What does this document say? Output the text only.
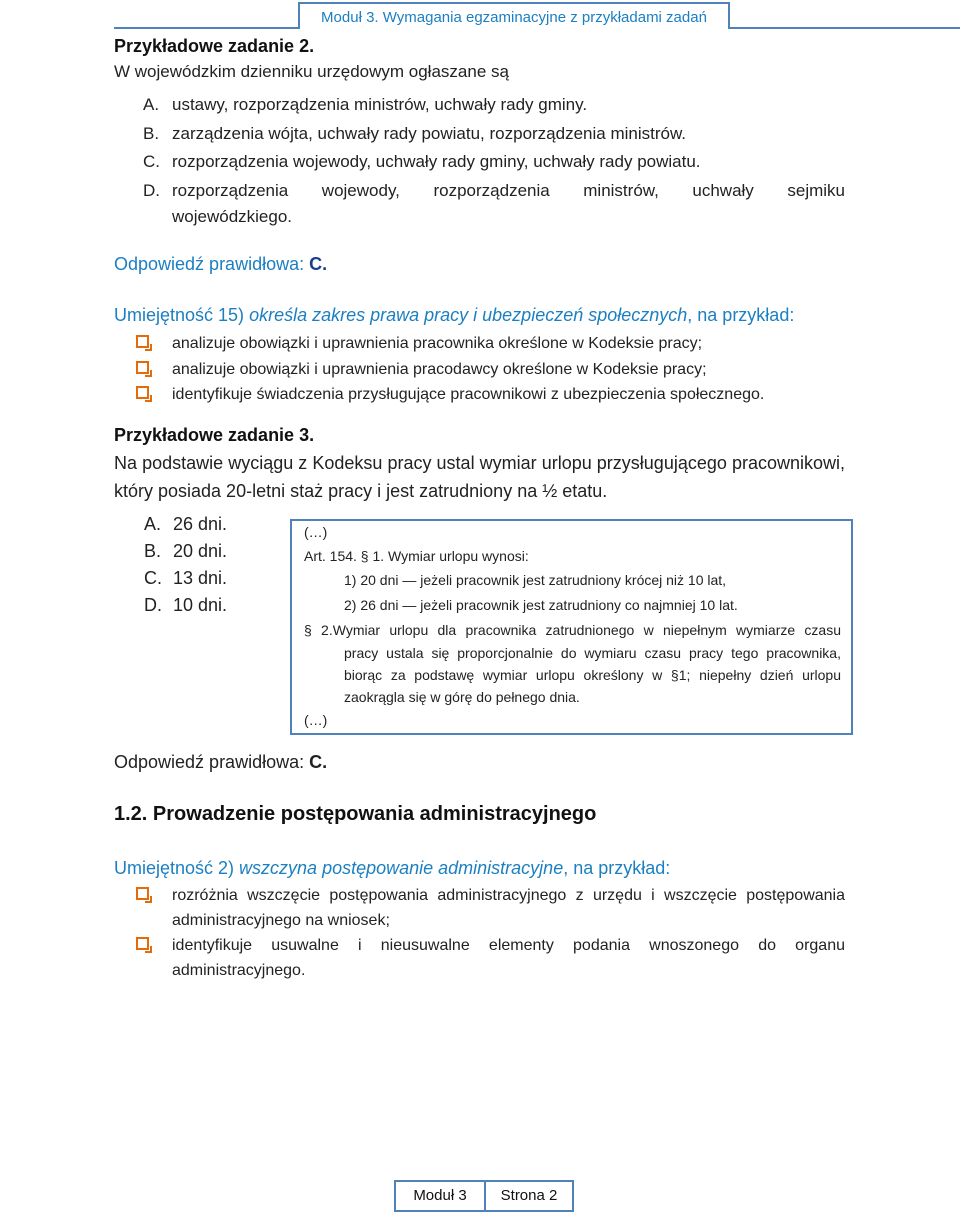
Moduł 3. Wymagania egzaminacyjne z przykładami zadań
Przykładowe zadanie 2.
W wojewódzkim dzienniku urzędowym ogłaszane są
A. ustawy, rozporządzenia ministrów, uchwały rady gminy.
B. zarządzenia wójta, uchwały rady powiatu, rozporządzenia ministrów.
C. rozporządzenia wojewody, uchwały rady gminy, uchwały rady powiatu.
D. rozporządzenia wojewody, rozporządzenia ministrów, uchwały sejmiku
wojewódzkiego.
Odpowiedź prawidłowa: C.
Umiejętność 15) określa zakres prawa pracy i ubezpieczeń społecznych, na przykład:
analizuje obowiązki i uprawnienia pracownika określone w Kodeksie pracy;
analizuje obowiązki i uprawnienia pracodawcy określone w Kodeksie pracy;
identyfikuje świadczenia przysługujące pracownikowi z ubezpieczenia społecznego.
Przykładowe zadanie 3.
Na podstawie wyciągu z Kodeksu pracy ustal wymiar urlopu przysługującego pracownikowi,
który posiada 20-letni staż pracy i jest zatrudniony na ½ etatu.
A. 26 dni.
B. 20 dni.
C. 13 dni.
D. 10 dni.
(…)
Art. 154. § 1. Wymiar urlopu wynosi:
1) 20 dni — jeżeli pracownik jest zatrudniony krócej niż 10 lat,
2) 26 dni — jeżeli pracownik jest zatrudniony co najmniej 10 lat.
§ 2.Wymiar urlopu dla pracownika zatrudnionego w niepełnym wymiarze czasu
pracy ustala się proporcjonalnie do wymiaru czasu pracy tego pracownika,
biorąc za podstawę wymiar urlopu określony w §1; niepełny dzień urlopu
zaokrągla się w górę do pełnego dnia.
(…)
Odpowiedź prawidłowa: C.
1.2. Prowadzenie postępowania administracyjnego
Umiejętność 2) wszczyna postępowanie administracyjne, na przykład:
rozróżnia wszczęcie postępowania administracyjnego z urzędu i wszczęcie postępowania
administracyjnego na wniosek;
identyfikuje usuwalne i nieusuwalne elementy podania wnoszonego do organu
administracyjnego.
Moduł 3	Strona 2
